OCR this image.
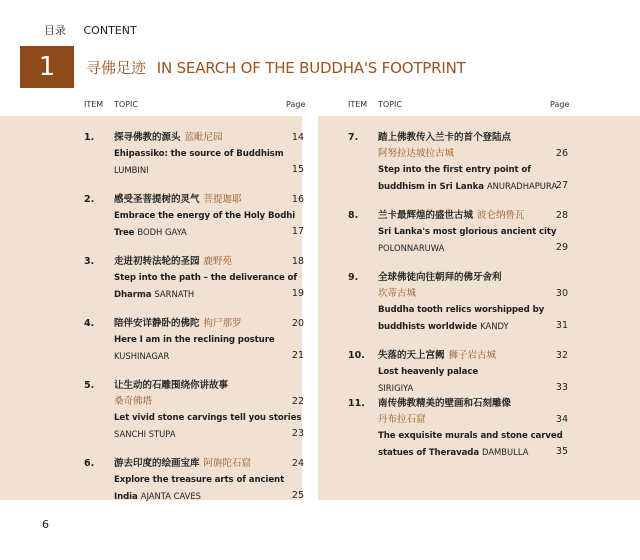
目录 CONTENT
1	寻佛足迹 IN SEARCH OF THE BUDDHA'S FOOTPRINT
ITEM TOPIC	Page	ITEM TOPIC	Page
1. 探寻佛教的源头 蓝毗尼园	14
Ehipassiko: the source of Buddhism
LUMBINI	15
2. 感受圣菩提树的灵气 菩提迦耶	16
Embrace the energy of the Holy Bodhi
Tree BODH GAYA	17
3. 走进初转法轮的圣园 鹿野苑	18
Step into the path – the deliverance of
Dharma SARNATH	19
4. 陪伴安详静卧的佛陀 拘尸那罗	20
Here I am in the reclining posture
KUSHINAGAR	21
5. 让生动的石雕围绕你讲故事
桑奇佛塔	22
Let vivid stone carvings tell you stories
SANCHI STUPA	23
6. 游去印度的绘画宝库 阿旃陀石窟	24
Explore the treasure arts of ancient
India AJANTA CAVES	25
7. 踏上佛教传入兰卡的首个登陆点
阿努拉达坡拉古城	26
Step into the first entry point of
buddhism in Sri Lanka ANURADHAPURA
27
8. 兰卡最辉煌的盛世古城 波仑纳鲁瓦	28
Sri Lanka's most glorious ancient city
POLONNARUWA	29
9. 全球佛徒向往朝拜的佛牙舍利
坎蒂古城	30
Buddha tooth relics worshipped by
buddhists worldwide KANDY	31
10. 失落的天上宫阙 狮子岩古城	32
Lost heavenly palace
SIRIGIYA	33
11. 南传佛教精美的壁画和石刻雕像
丹布拉石窟	34
The exquisite murals and stone carved
statues of Theravada DAMBULLA	35
6
